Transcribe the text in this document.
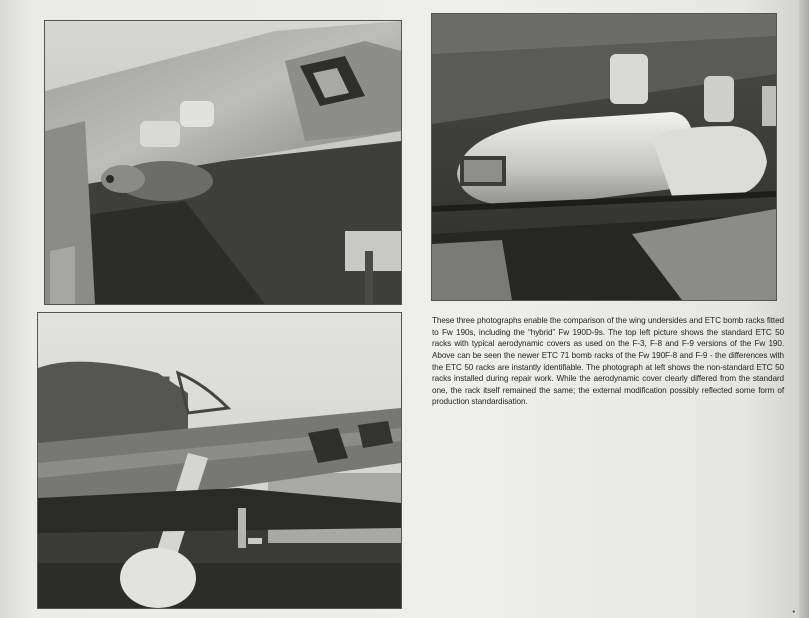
These three photographs enable the comparison of the wing undersides and ETC bomb racks fitted to Fw 190s, including the “hybrid” Fw 190D-9s. The top left picture shows the standard ETC 50 racks with typical aerodynamic covers as used on the F-3, F-8 and F-9 versions of the Fw 190. Above can be seen the newer ETC 71 bomb racks of the Fw 190F-8 and F-9 - the differences with the ETC 50 racks are instantly identifiable. The photograph at left shows the non-standard ETC 50 racks installed during repair work. While the aerodynamic cover clearly differed from the standard one, the rack itself remained the same; the external modification possibly reflected some form of production standardisation.

•
